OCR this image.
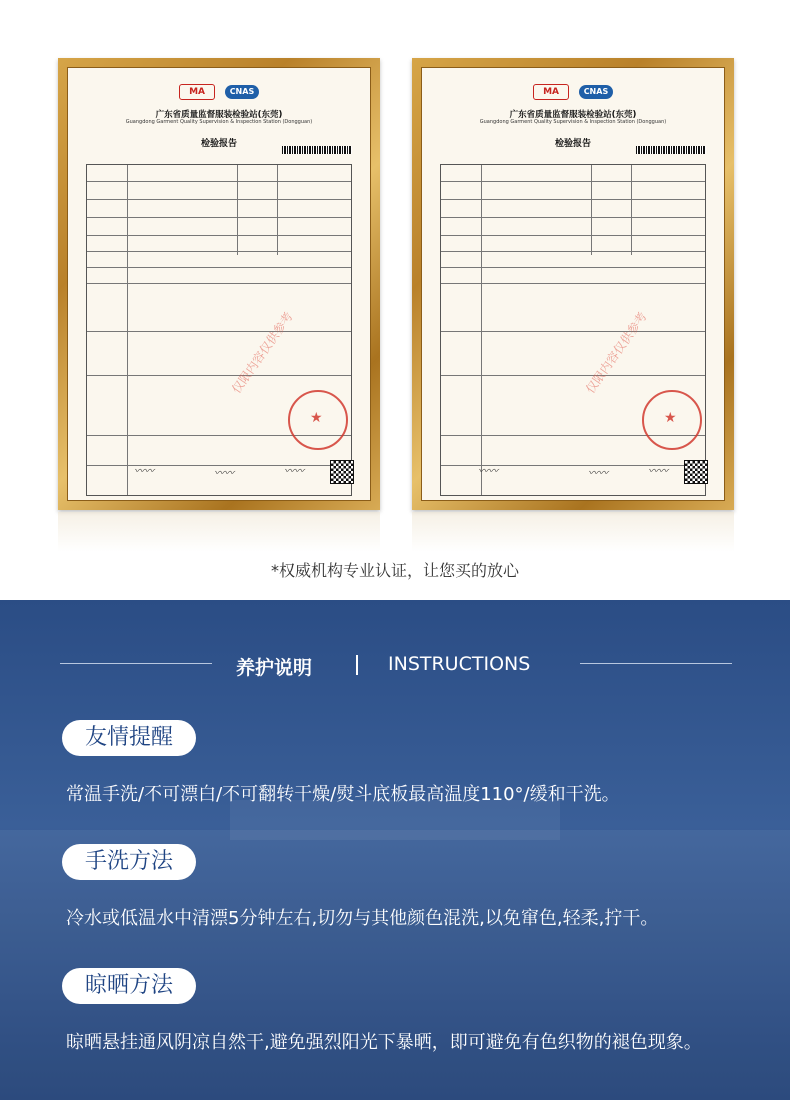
MA	CNAS
广东省质量监督服装检验站(东莞)
Guangdong Garment Quality Supervision & Inspection Station (Dongguan)
检验报告
仅限内容仅供参考
★
〰〰	〰〰	〰〰
MA	CNAS
广东省质量监督服装检验站(东莞)
Guangdong Garment Quality Supervision & Inspection Station (Dongguan)
检验报告
仅限内容仅供参考
★
〰〰	〰〰	〰〰
*权威机构专业认证，让您买的放心
养护说明	INSTRUCTIONS
友情提醒
常温手洗/不可漂白/不可翻转干燥/熨斗底板最高温度110°/缓和干洗。
手洗方法
冷水或低温水中清漂5分钟左右,切勿与其他颜色混洗,以免窜色,轻柔,拧干。
晾晒方法
晾晒悬挂通风阴凉自然干,避免强烈阳光下暴晒，即可避免有色织物的褪色现象。
